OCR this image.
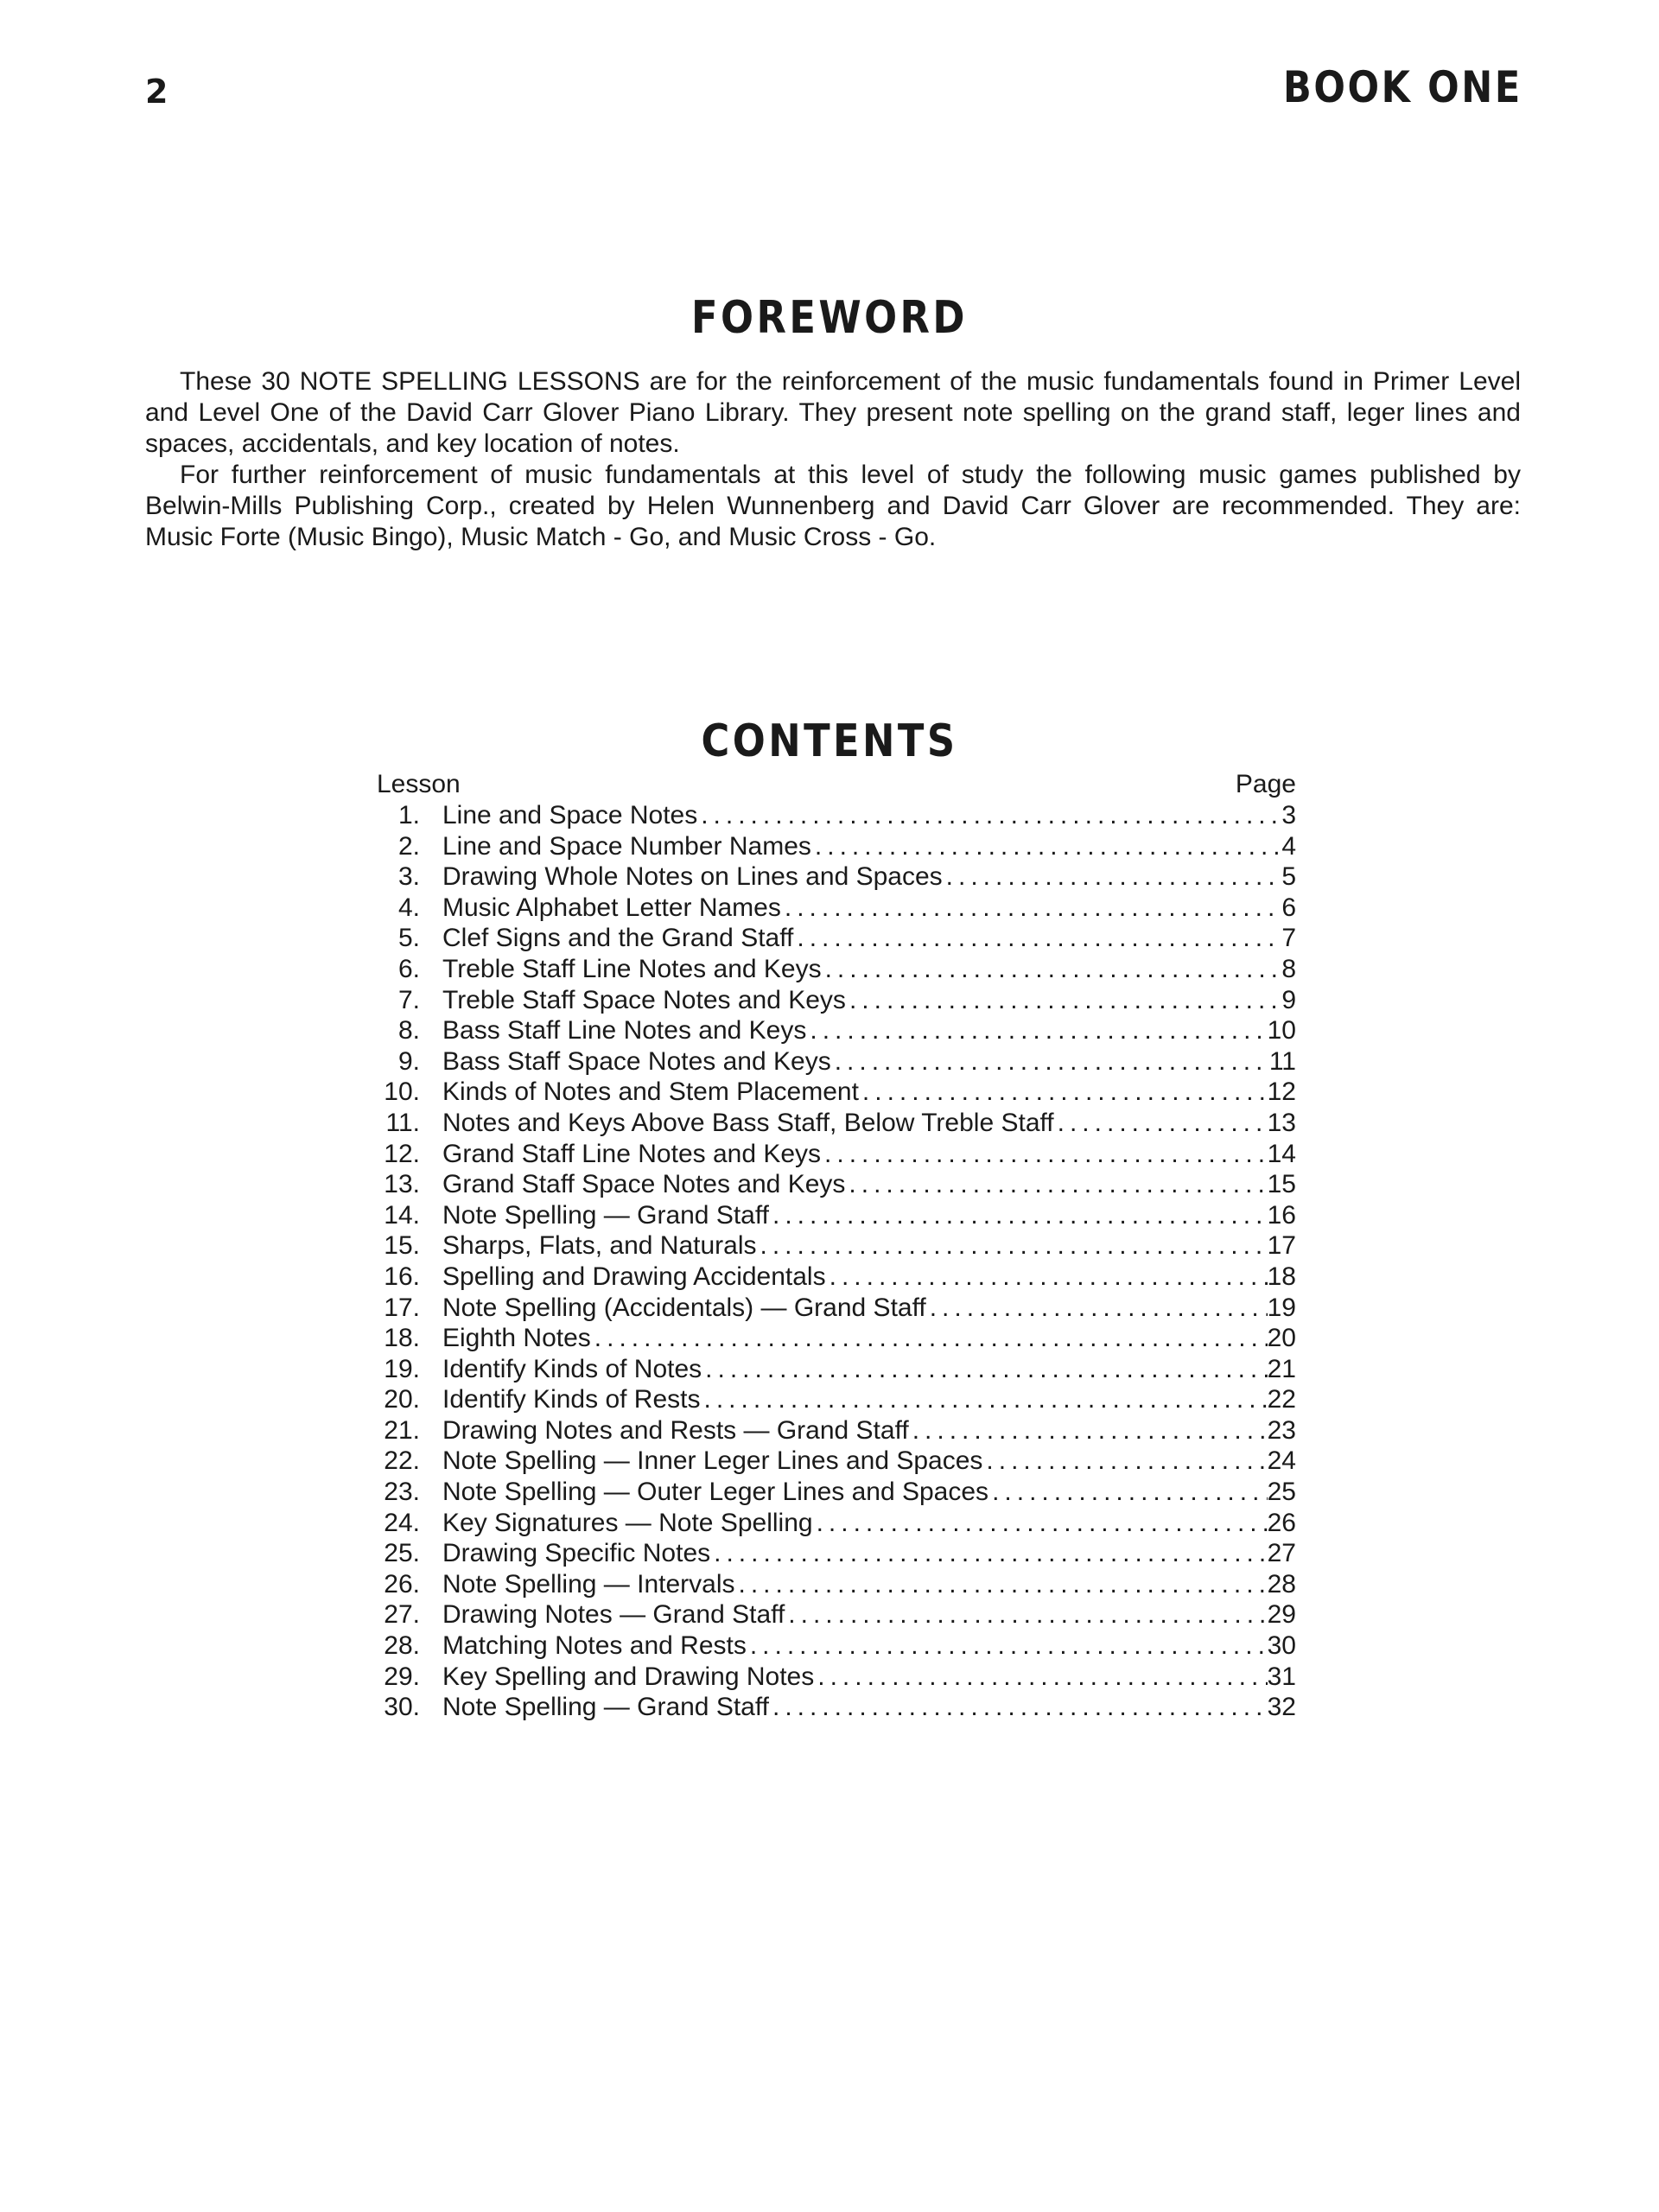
2	BOOK ONE
FOREWORD

These 30 NOTE SPELLING LESSONS are for the reinforcement of the music fundamentals found in Primer Level and Level One of the David Carr Glover Piano Library. They present note spelling on the grand staff, leger lines and spaces, accidentals, and key location of notes.

For further reinforcement of music fundamentals at this level of study the following music games published by Belwin-Mills Publishing Corp., created by Helen Wunnenberg and David Carr Glover are recommended. They are: Music Forte (Music Bingo), Music Match - Go, and Music Cross - Go.

CONTENTS
Lesson	Page
1. Line and Space Notes .....	3
2. Line and Space Number Names .....	4
3. Drawing Whole Notes on Lines and Spaces .....	5
4. Music Alphabet Letter Names .....	6
5. Clef Signs and the Grand Staff .....	7
6. Treble Staff Line Notes and Keys .....	8
7. Treble Staff Space Notes and Keys .....	9
8. Bass Staff Line Notes and Keys .....	10
9. Bass Staff Space Notes and Keys .....	11
10. Kinds of Notes and Stem Placement .....	12
11. Notes and Keys Above Bass Staff, Below Treble Staff .....	13
12. Grand Staff Line Notes and Keys .....	14
13. Grand Staff Space Notes and Keys .....	15
14. Note Spelling — Grand Staff .....	16
15. Sharps, Flats, and Naturals .....	17
16. Spelling and Drawing Accidentals .....	18
17. Note Spelling (Accidentals) — Grand Staff .....	19
18. Eighth Notes .....	20
19. Identify Kinds of Notes .....	21
20. Identify Kinds of Rests .....	22
21. Drawing Notes and Rests — Grand Staff .....	23
22. Note Spelling — Inner Leger Lines and Spaces .....	24
23. Note Spelling — Outer Leger Lines and Spaces .....	25
24. Key Signatures — Note Spelling .....	26
25. Drawing Specific Notes .....	27
26. Note Spelling — Intervals .....	28
27. Drawing Notes — Grand Staff .....	29
28. Matching Notes and Rests .....	30
29. Key Spelling and Drawing Notes .....	31
30. Note Spelling — Grand Staff .....	32
